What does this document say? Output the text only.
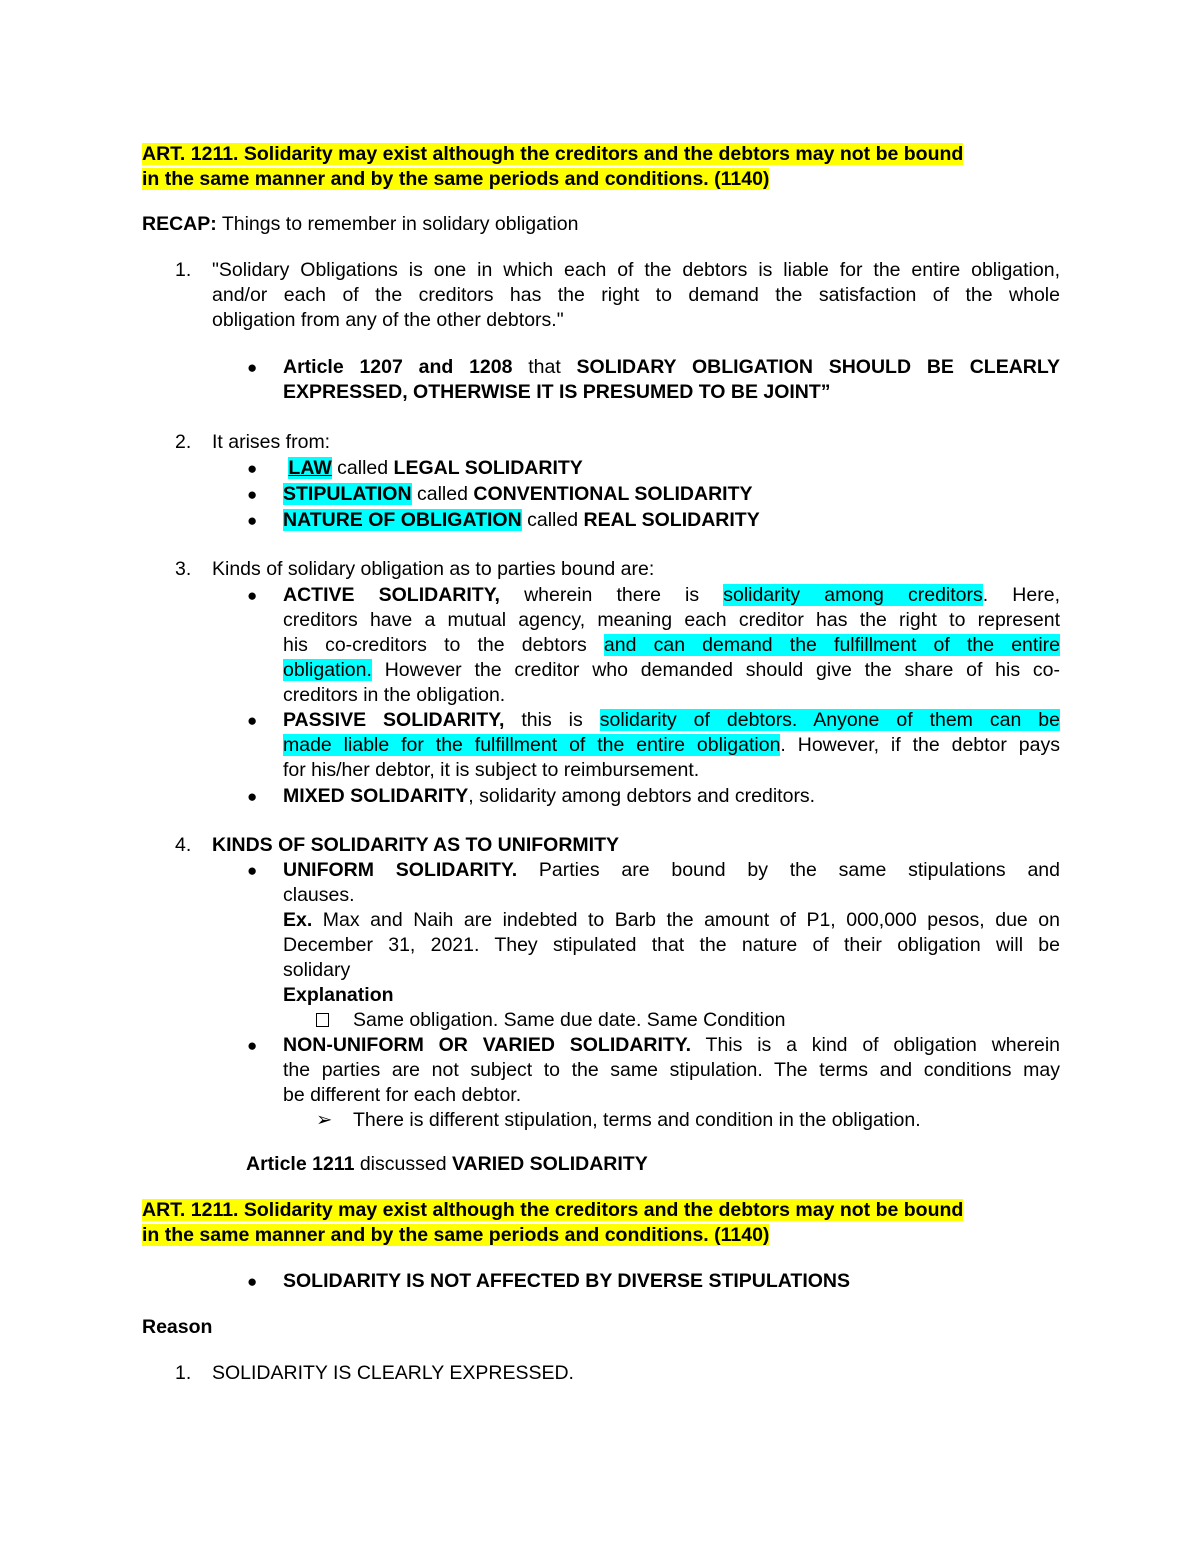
ART. 1211. Solidarity may exist although the creditors and the debtors may not be bound

in the same manner and by the same periods and conditions. (1140)

RECAP: Things to remember in solidary obligation

1. "Solidary Obligations is one in which each of the debtors is liable for the entire obligation,

and/or each of the creditors has the right to demand the satisfaction of the whole

obligation from any of the other debtors."

● Article 1207 and 1208 that SOLIDARY OBLIGATION SHOULD BE CLEARLY

EXPRESSED, OTHERWISE IT IS PRESUMED TO BE JOINT”

2. It arises from:

● LAW called LEGAL SOLIDARITY

● STIPULATION called CONVENTIONAL SOLIDARITY

● NATURE OF OBLIGATION called REAL SOLIDARITY

3. Kinds of solidary obligation as to parties bound are:

● ACTIVE SOLIDARITY, wherein there is solidarity among creditors. Here,

creditors have a mutual agency, meaning each creditor has the right to represent

his co-creditors to the debtors and can demand the fulfillment of the entire

obligation. However the creditor who demanded should give the share of his co-

creditors in the obligation.

● PASSIVE SOLIDARITY, this is solidarity of debtors. Anyone of them can be

made liable for the fulfillment of the entire obligation. However, if the debtor pays

for his/her debtor, it is subject to reimbursement.

● MIXED SOLIDARITY, solidarity among debtors and creditors.

4. KINDS OF SOLIDARITY AS TO UNIFORMITY

● UNIFORM SOLIDARITY. Parties are bound by the same stipulations and

clauses.

Ex. Max and Naih are indebted to Barb the amount of P1, 000,000 pesos, due on

December 31, 2021. They stipulated that the nature of their obligation will be

solidary

Explanation

Same obligation. Same due date. Same Condition

● NON-UNIFORM OR VARIED SOLIDARITY. This is a kind of obligation wherein

the parties are not subject to the same stipulation. The terms and conditions may

be different for each debtor.

➢ There is different stipulation, terms and condition in the obligation.

Article 1211 discussed VARIED SOLIDARITY

ART. 1211. Solidarity may exist although the creditors and the debtors may not be bound

in the same manner and by the same periods and conditions. (1140)

● SOLIDARITY IS NOT AFFECTED BY DIVERSE STIPULATIONS

Reason

1. SOLIDARITY IS CLEARLY EXPRESSED.
